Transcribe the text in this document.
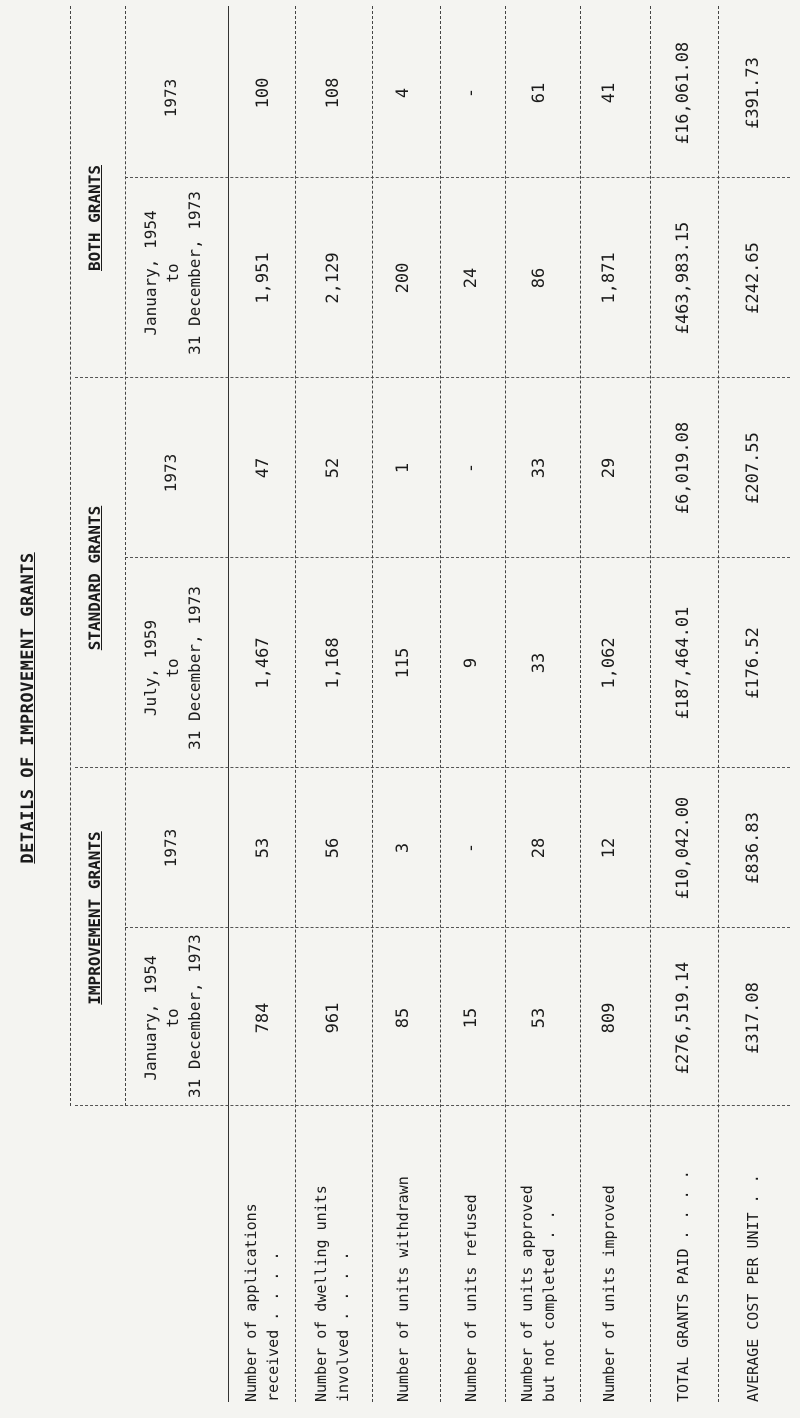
DETAILS OF IMPROVEMENT GRANTS
IMPROVEMENT GRANTS
STANDARD GRANTS
BOTH GRANTS
January, 1954 to 31 December, 1973
1973
July, 1959 to 31 December, 1973
1973
January, 1954 to 31 December, 1973
1973
Number of applications received . . . .
784
53
1,467
47
1,951
100
Number of dwelling units involved . . . .
961
56
1,168
52
2,129
108
Number of units withdrawn
85
3
115
1
200
4
Number of units refused
15
-
9
-
24
-
Number of units approved but not completed . .
53
28
33
33
86
61
Number of units improved
809
12
1,062
29
1,871
41
TOTAL GRANTS PAID . . . .
£276,519.14
£10,042.00
£187,464.01
£6,019.08
£463,983.15
£16,061.08
AVERAGE COST PER UNIT . .
£317.08
£836.83
£176.52
£207.55
£242.65
£391.73
